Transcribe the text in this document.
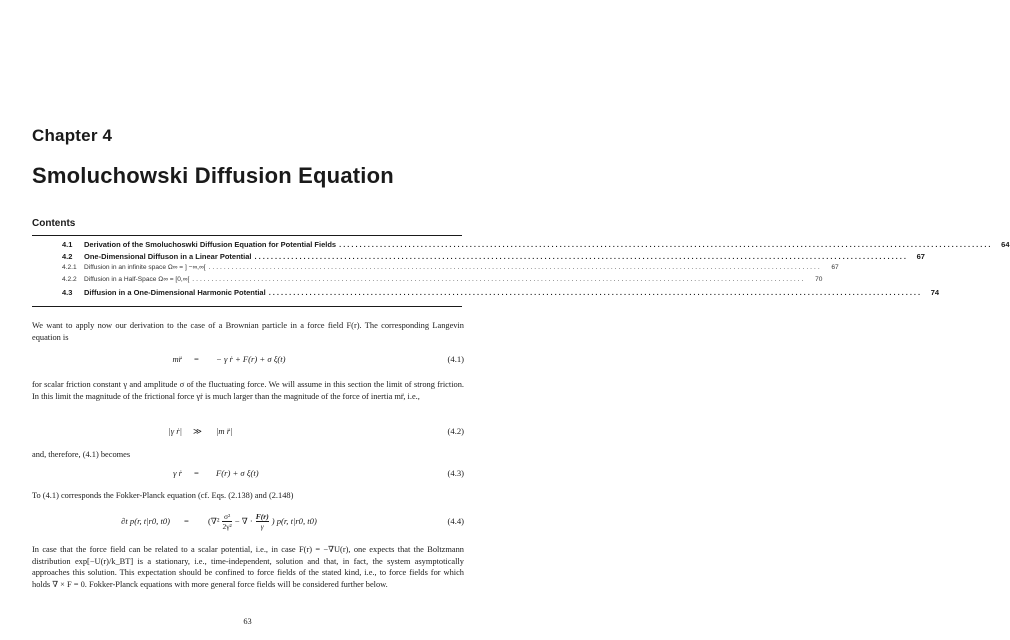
Chapter 4
Smoluchowski Diffusion Equation
Contents
4.1	Derivation of the Smoluchoswki Diffusion Equation for Potential Fields ................................................................................................................................................................	64
4.2	One-Dimensional Diffuson in a Linear Potential ................................................................................................................................................................	67
4.2.1	Diffusion in an infinite space Ω∞ = ] −∞,∞[ ................................................................................................................................................................	67
4.2.2	Diffusion in a Half-Space Ω∞ = [0,∞[ ................................................................................................................................................................	70
4.3	Diffusion in a One-Dimensional Harmonic Potential ................................................................................................................................................................	74
We want to apply now our derivation to the case of a Brownian particle in a force field F(r). The corresponding Langevin equation is
mr̈ = − γ ṙ + F(r) + σ ξ(t)	(4.1)
for scalar friction constant γ and amplitude σ of the fluctuating force. We will assume in this section the limit of strong friction. In this limit the magnitude of the frictional force γṙ is much larger than the magnitude of the force of inertia mr̈, i.e.,
|γ ṙ| ≫ |m r̈|	(4.2)
and, therefore, (4.1) becomes
γ ṙ = F(r) + σ ξ(t)	(4.3)
To (4.1) corresponds the Fokker-Planck equation (cf. Eqs. (2.138) and (2.148)
∂t p(r, t|r0, $t0) = (\nabla^2 \frac{\text{σ²}}{\text{2γ²}}$ − ∇ · $\frac{F(r)}{\gamma}$ ) p(r, t|r0, t0)	(4.4)
In case that the force field can be related to a scalar potential, i.e., in case F(r) = −∇U(r), one expects that the Boltzmann distribution exp[−U(r)/k_BT] is a stationary, i.e., time-independent, solution and that, in fact, the system asymptotically approaches this solution. This expectation should be confined to force fields of the stated kind, i.e., to force fields for which holds ∇ × F = 0. Fokker-Planck equations with more general force fields will be considered further below.
63
